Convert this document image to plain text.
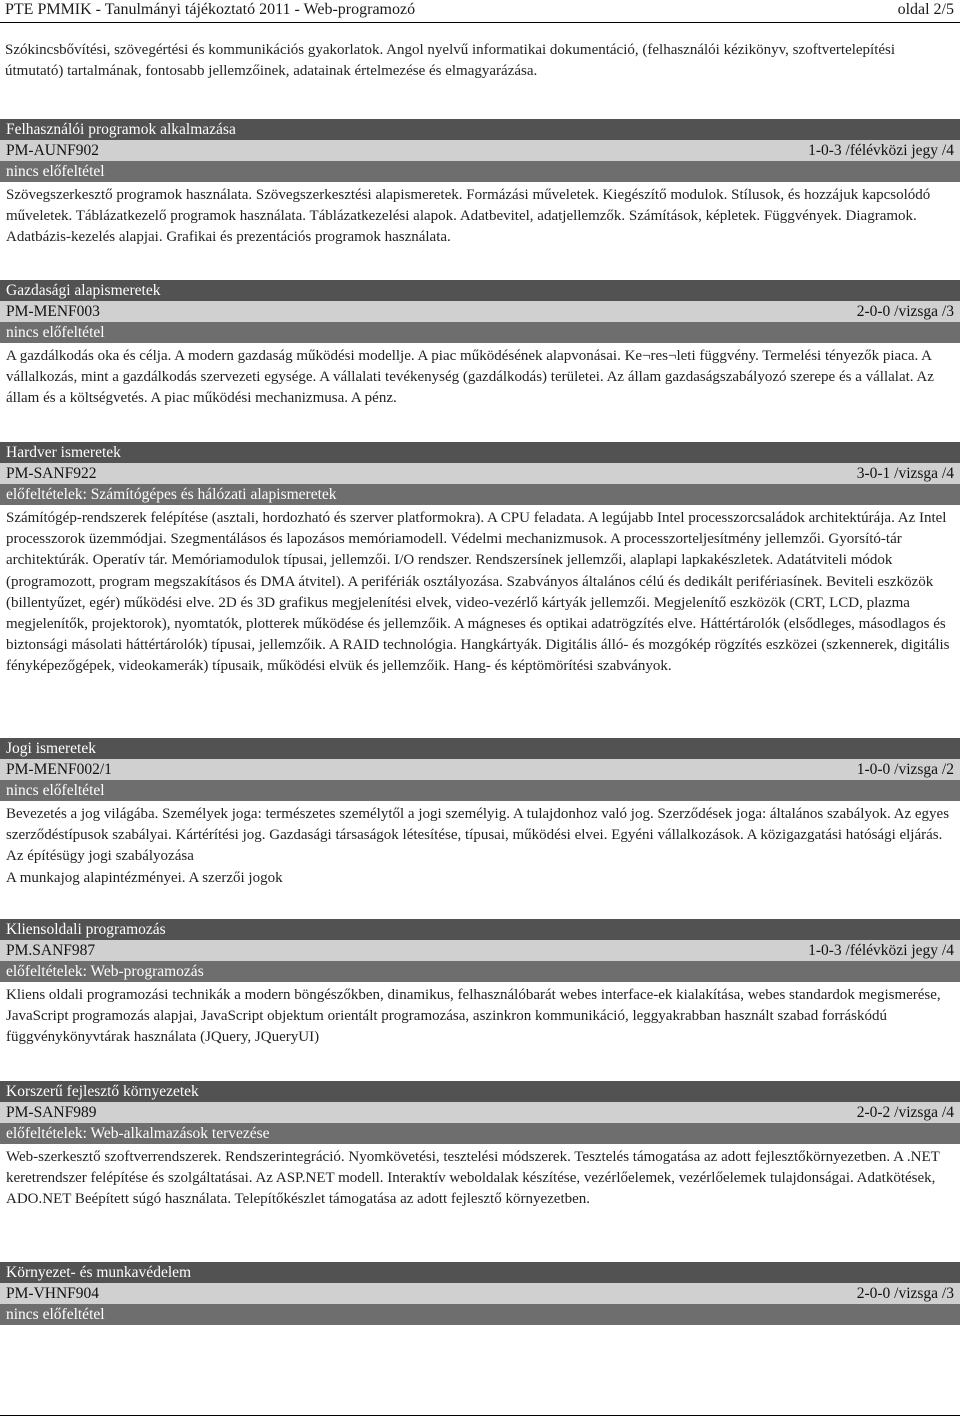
PTE PMMIK - Tanulmányi tájékoztató 2011 - Web-programozó	oldal 2/5
Szókincsbővítési, szövegértési és kommunikációs gyakorlatok. Angol nyelvű informatikai dokumentáció, (felhasználói kézikönyv, szoftvertelepítési útmutató) tartalmának, fontosabb jellemzőinek, adatainak értelmezése és elmagyarázása.
Felhasználói programok alkalmazása
PM-AUNF902	1-0-3 /félévközi jegy /4
nincs előfeltétel
Szövegszerkesztő programok használata. Szövegszerkesztési alapismeretek. Formázási műveletek. Kiegészítő modulok. Stílusok, és hozzájuk kapcsolódó műveletek. Táblázatkezelő programok használata. Táblázatkezelési alapok. Adatbevitel, adatjellemzők. Számítások, képletek. Függvények. Diagramok. Adatbázis-kezelés alapjai. Grafikai és prezentációs programok használata.
Gazdasági alapismeretek
PM-MENF003	2-0-0 /vizsga /3
nincs előfeltétel
A gazdálkodás oka és célja. A modern gazdaság működési modellje. A piac működésének alapvonásai. Ke¬res¬leti függvény. Termelési tényezők piaca. A vállalkozás, mint a gazdálkodás szervezeti egysége. A vállalati tevékenység (gazdálkodás) területei. Az állam gazdaságszabályozó szerepe és a vállalat. Az állam és a költségvetés. A piac működési mechanizmusa. A pénz.
Hardver ismeretek
PM-SANF922	3-0-1 /vizsga /4
előfeltételek: Számítógépes és hálózati alapismeretek
Számítógép-rendszerek felépítése (asztali, hordozható és szerver platformokra). A CPU feladata. A legújabb Intel processzorcsaládok architektúrája. Az Intel processzorok üzemmódjai. Szegmentálásos és lapozásos memóriamodell. Védelmi mechanizmusok. A processzorteljesítmény jellemzői. Gyorsító-tár architektúrák. Operatív tár. Memóriamodulok típusai, jellemzői. I/O rendszer. Rendszersínek jellemzői, alaplapi lapkakészletek. Adatátviteli módok (programozott, program megszakításos és DMA átvitel). A perifériák osztályozása. Szabványos általános célú és dedikált perifériasínek. Beviteli eszközök (billentyűzet, egér) működési elve. 2D és 3D grafikus megjelenítési elvek, video-vezérlő kártyák jellemzői. Megjelenítő eszközök (CRT, LCD, plazma megjelenítők, projektorok), nyomtatók, plotterek működése és jellemzőik. A mágneses és optikai adatrögzítés elve. Háttértárolók (elsődleges, másodlagos és biztonsági másolati háttértárolók) típusai, jellemzőik. A RAID technológia. Hangkártyák. Digitális álló- és mozgókép rögzítés eszközei (szkennerek, digitális fényképezőgépek, videokamerák) típusaik, működési elvük és jellemzőik. Hang- és képtömörítési szabványok.
Jogi ismeretek
PM-MENF002/1	1-0-0 /vizsga /2
nincs előfeltétel
Bevezetés a jog világába. Személyek joga: természetes személytől a jogi személyig. A tulajdonhoz való jog. Szerződések joga: általános szabályok. Az egyes szerződéstípusok szabályai. Kártérítési jog. Gazdasági társaságok létesítése, típusai, működési elvei. Egyéni vállalkozások. A közigazgatási hatósági eljárás. Az építésügy jogi szabályozása
A munkajog alapintézményei. A szerzői jogok
Kliensoldali programozás
PM.SANF987	1-0-3 /félévközi jegy /4
előfeltételek: Web-programozás
Kliens oldali programozási technikák a modern böngészőkben, dinamikus, felhasználóbarát webes interface-ek kialakítása, webes standardok megismerése, JavaScript programozás alapjai, JavaScript objektum orientált programozása, aszinkron kommunikáció, leggyakrabban használt szabad forráskódú függvénykönyvtárak használata (JQuery, JQueryUI)
Korszerű fejlesztő környezetek
PM-SANF989	2-0-2 /vizsga /4
előfeltételek: Web-alkalmazások tervezése
Web-szerkesztő szoftverrendszerek. Rendszerintegráció. Nyomkövetési, tesztelési módszerek. Tesztelés támogatása az adott fejlesztőkörnyezetben. A .NET keretrendszer felépítése és szolgáltatásai. Az ASP.NET modell. Interaktív weboldalak készítése, vezérlőelemek, vezérlőelemek tulajdonságai. Adatkötések, ADO.NET Beépített súgó használata. Telepítőkészlet támogatása az adott fejlesztő környezetben.
Környezet- és munkavédelem
PM-VHNF904	2-0-0 /vizsga /3
nincs előfeltétel
